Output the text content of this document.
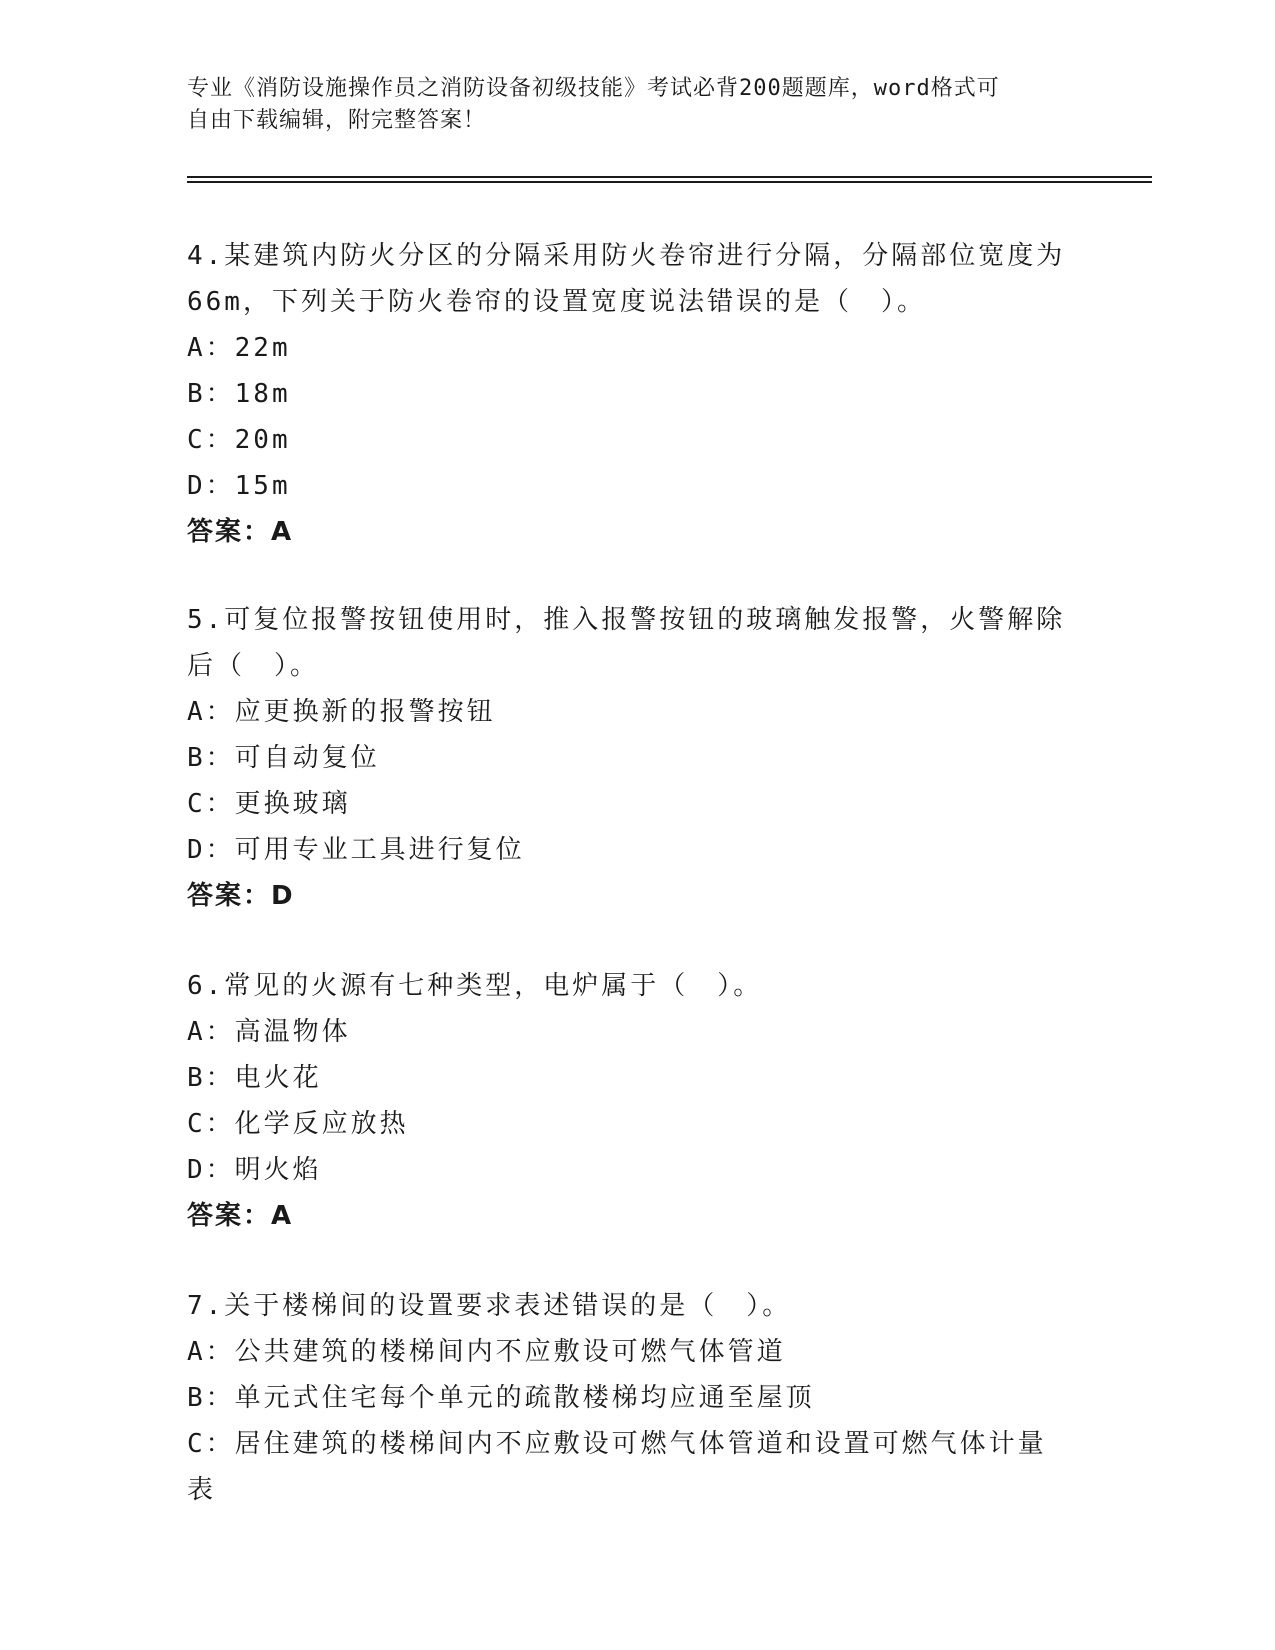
专业《消防设施操作员之消防设备初级技能》考试必背200题题库，word格式可
自由下载编辑，附完整答案！
4.某建筑内防火分区的分隔采用防火卷帘进行分隔，分隔部位宽度为
66m，下列关于防火卷帘的设置宽度说法错误的是（　）。
A：22m
B：18m
C：20m
D：15m
答案：A
5.可复位报警按钮使用时，推入报警按钮的玻璃触发报警，火警解除
后（　）。
A：应更换新的报警按钮
B：可自动复位
C：更换玻璃
D：可用专业工具进行复位
答案：D
6.常见的火源有七种类型，电炉属于（　）。
A：高温物体
B：电火花
C：化学反应放热
D：明火焰
答案：A
7.关于楼梯间的设置要求表述错误的是（　）。
A：公共建筑的楼梯间内不应敷设可燃气体管道
B：单元式住宅每个单元的疏散楼梯均应通至屋顶
C：居住建筑的楼梯间内不应敷设可燃气体管道和设置可燃气体计量表
